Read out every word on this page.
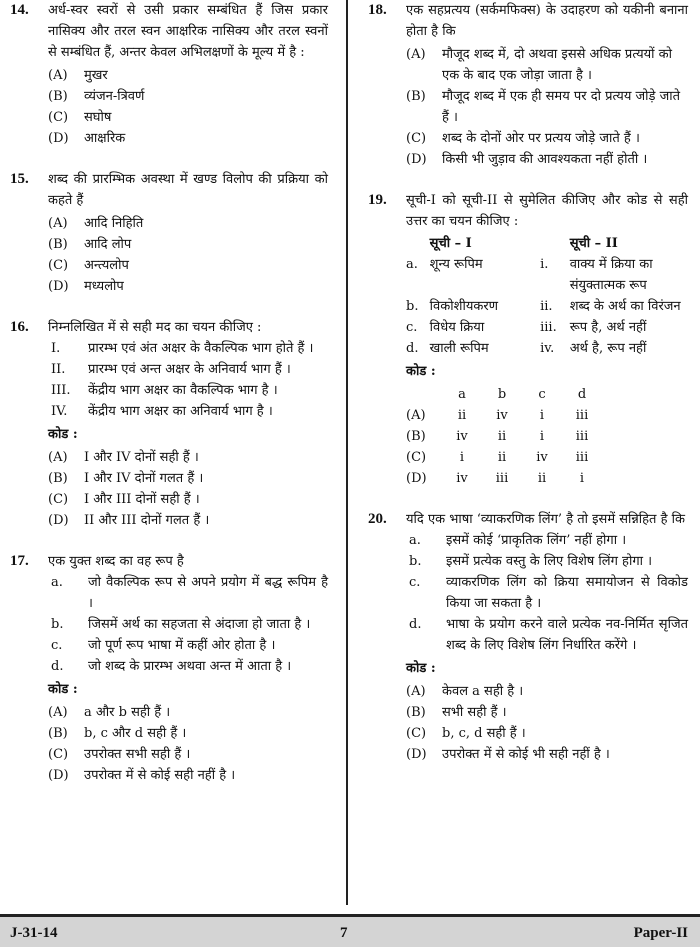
14. अर्ध-स्वर स्वरों से उसी प्रकार सम्बंधित हैं जिस प्रकार नासिक्य और तरल स्वन आक्षरिक नासिक्य और तरल स्वनों से सम्बंधित हैं, अन्तर केवल अभिलक्षणों के मूल्य में है :
(A) मुखर
(B) व्यंजन-त्रिवर्ण
(C) सघोष
(D) आक्षरिक
15. शब्द की प्रारम्भिक अवस्था में खण्ड विलोप की प्रक्रिया को कहते हैं
(A) आदि निहिति
(B) आदि लोप
(C) अन्त्यलोप
(D) मध्यलोप
16. निम्नलिखित में से सही मद का चयन कीजिए :
I. प्रारम्भ एवं अंत अक्षर के वैकल्पिक भाग होते हैं ।
II. प्रारम्भ एवं अन्त अक्षर के अनिवार्य भाग हैं ।
III. केंद्रीय भाग अक्षर का वैकल्पिक भाग है ।
IV. केंद्रीय भाग अक्षर का अनिवार्य भाग है ।
कोड :
(A) I और IV दोनों सही हैं ।
(B) I और IV दोनों गलत हैं ।
(C) I और III दोनों सही हैं ।
(D) II और III दोनों गलत हैं ।
17. एक युक्त शब्द का वह रूप है
a. जो वैकल्पिक रूप से अपने प्रयोग में बद्ध रूपिम है ।
b. जिसमें अर्थ का सहजता से अंदाजा हो जाता है ।
c. जो पूर्ण रूप भाषा में कहीं ओर होता है ।
d. जो शब्द के प्रारम्भ अथवा अन्त में आता है ।
कोड :
(A) a और b सही हैं ।
(B) b, c और d सही हैं ।
(C) उपरोक्त सभी सही हैं ।
(D) उपरोक्त में से कोई सही नहीं है ।
18. एक सहप्रत्यय (सर्कमफिक्स) के उदाहरण को यकीनी बनाना होता है कि
(A) मौजूद शब्द में, दो अथवा इससे अधिक प्रत्ययों को एक के बाद एक जोड़ा जाता है ।
(B) मौजूद शब्द में एक ही समय पर दो प्रत्यय जोड़े जाते हैं ।
(C) शब्द के दोनों ओर पर प्रत्यय जोड़े जाते हैं ।
(D) किसी भी जुड़ाव की आवश्यकता नहीं होती ।
19. सूची-I को सूची-II से सुमेलित कीजिए और कोड से सही उत्तर का चयन कीजिए :
सूची – I	सूची – II
a. शून्य रूपिम	i.	वाक्य में क्रिया का संयुक्तात्मक रूप
b. विकोशीयकरण	ii.	शब्द के अर्थ का विरंजन
c. विधेय क्रिया	iii. रूप है, अर्थ नहीं
d. खाली रूपिम	iv.	अर्थ है, रूप नहीं
कोड :
a	b	c	d
(A)	ii	iv	i	iii
(B)	iv	ii	i	iii
(C)	i	ii	iv	iii
(D)	iv	iii	ii	i
20. यदि एक भाषा ‘व्याकरणिक लिंग’ है तो इसमें सन्निहित है कि
a. इसमें कोई ‘प्राकृतिक लिंग’ नहीं होगा ।
b. इसमें प्रत्येक वस्तु के लिए विशेष लिंग होगा ।
c. व्याकरणिक लिंग को क्रिया समायोजन से विकोड किया जा सकता है ।
d. भाषा के प्रयोग करने वाले प्रत्येक नव-निर्मित सृजित शब्द के लिए विशेष लिंग निर्धारित करेंगे ।
कोड :
(A) केवल a सही है ।
(B) सभी सही हैं ।
(C) b, c, d सही हैं ।
(D) उपरोक्त में से कोई भी सही नहीं है ।
J-31-14	7	Paper-II
